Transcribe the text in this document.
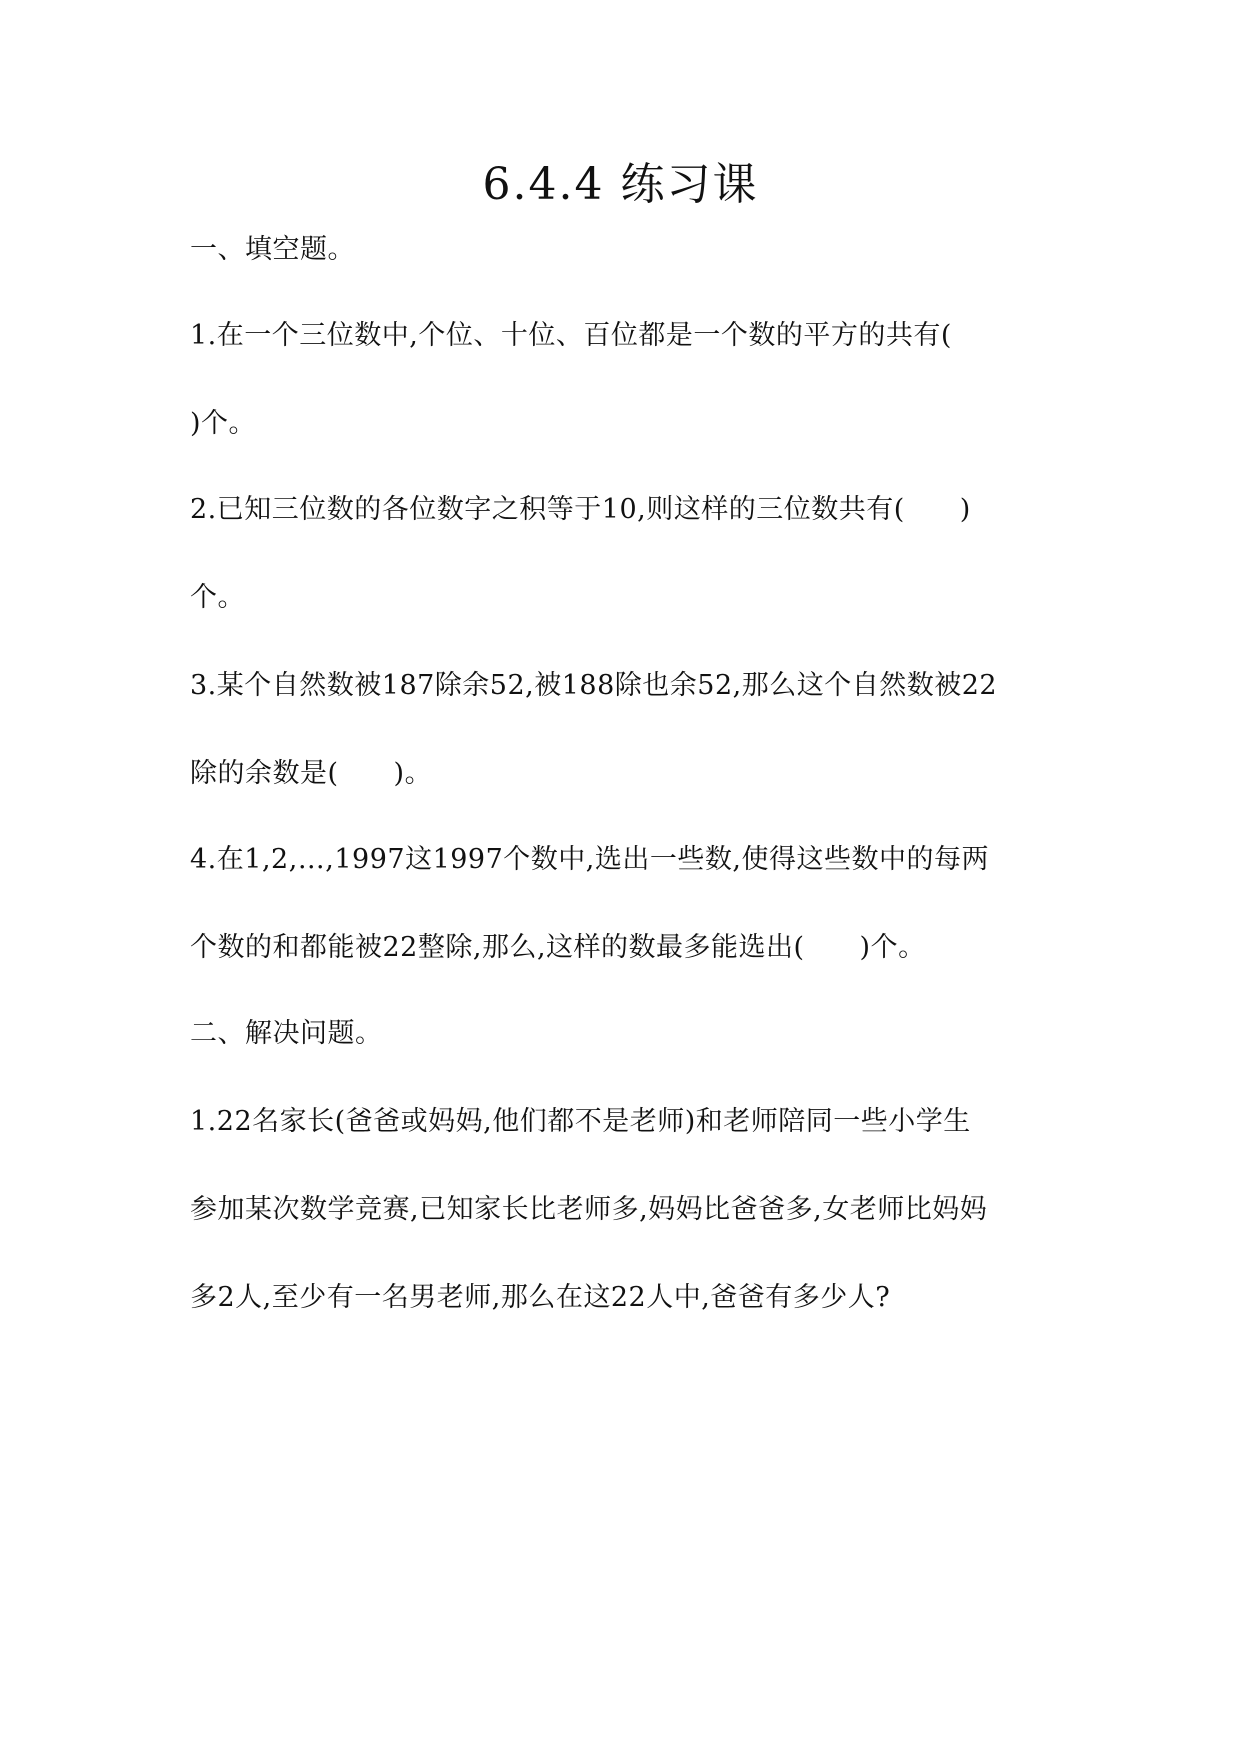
6.4.4 练习课
一、填空题。
1.在一个三位数中,个位、十位、百位都是一个数的平方的共有(
)个。
2.已知三位数的各位数字之积等于10,则这样的三位数共有(　　)
个。
3.某个自然数被187除余52,被188除也余52,那么这个自然数被22
除的余数是(　　)。
4.在1,2,…,1997这1997个数中,选出一些数,使得这些数中的每两
个数的和都能被22整除,那么,这样的数最多能选出(　　)个。
二、解决问题。
1.22名家长(爸爸或妈妈,他们都不是老师)和老师陪同一些小学生
参加某次数学竞赛,已知家长比老师多,妈妈比爸爸多,女老师比妈妈
多2人,至少有一名男老师,那么在这22人中,爸爸有多少人?
